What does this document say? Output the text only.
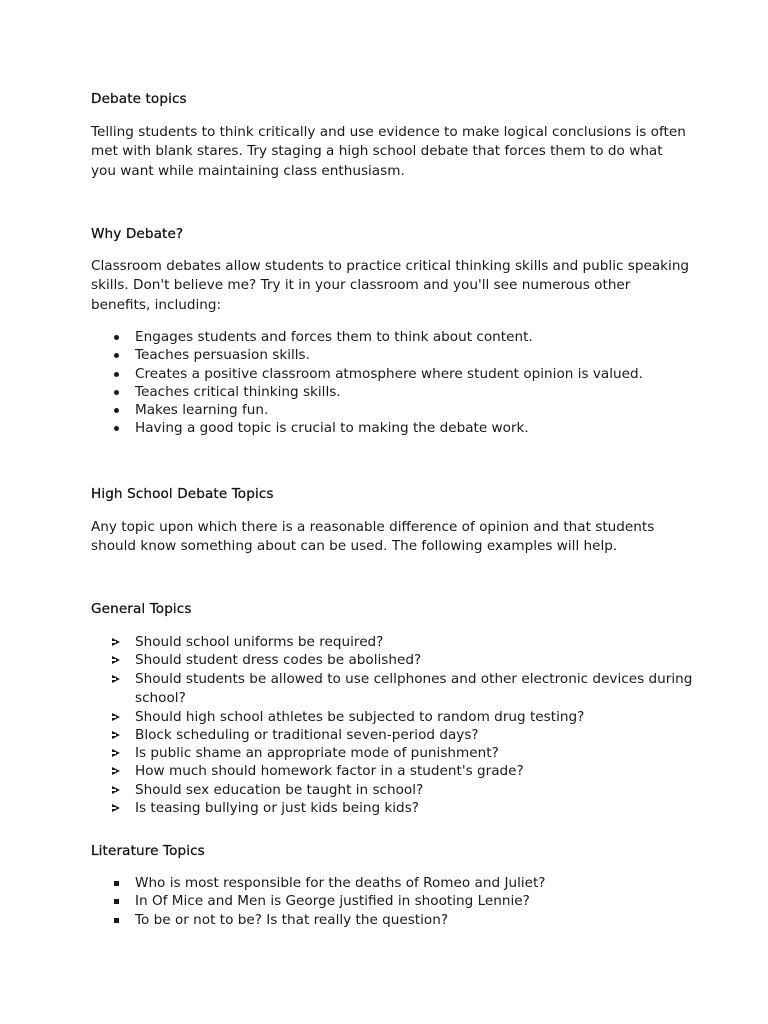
Debate topics

Telling students to think critically and use evidence to make logical conclusions is often met with blank stares. Try staging a high school debate that forces them to do what you want while maintaining class enthusiasm.

Why Debate?

Classroom debates allow students to practice critical thinking skills and public speaking skills. Don't believe me? Try it in your classroom and you'll see numerous other benefits, including:

Engages students and forces them to think about content.
Teaches persuasion skills.
Creates a positive classroom atmosphere where student opinion is valued.
Teaches critical thinking skills.
Makes learning fun.
Having a good topic is crucial to making the debate work.
High School Debate Topics

Any topic upon which there is a reasonable difference of opinion and that students should know something about can be used. The following examples will help.

General Topics
Should school uniforms be required?
Should student dress codes be abolished?
Should students be allowed to use cellphones and other electronic devices during school?
Should high school athletes be subjected to random drug testing?
Block scheduling or traditional seven-period days?
Is public shame an appropriate mode of punishment?
How much should homework factor in a student's grade?
Should sex education be taught in school?
Is teasing bullying or just kids being kids?
Literature Topics
Who is most responsible for the deaths of Romeo and Juliet?
In Of Mice and Men is George justified in shooting Lennie?
To be or not to be? Is that really the question?
